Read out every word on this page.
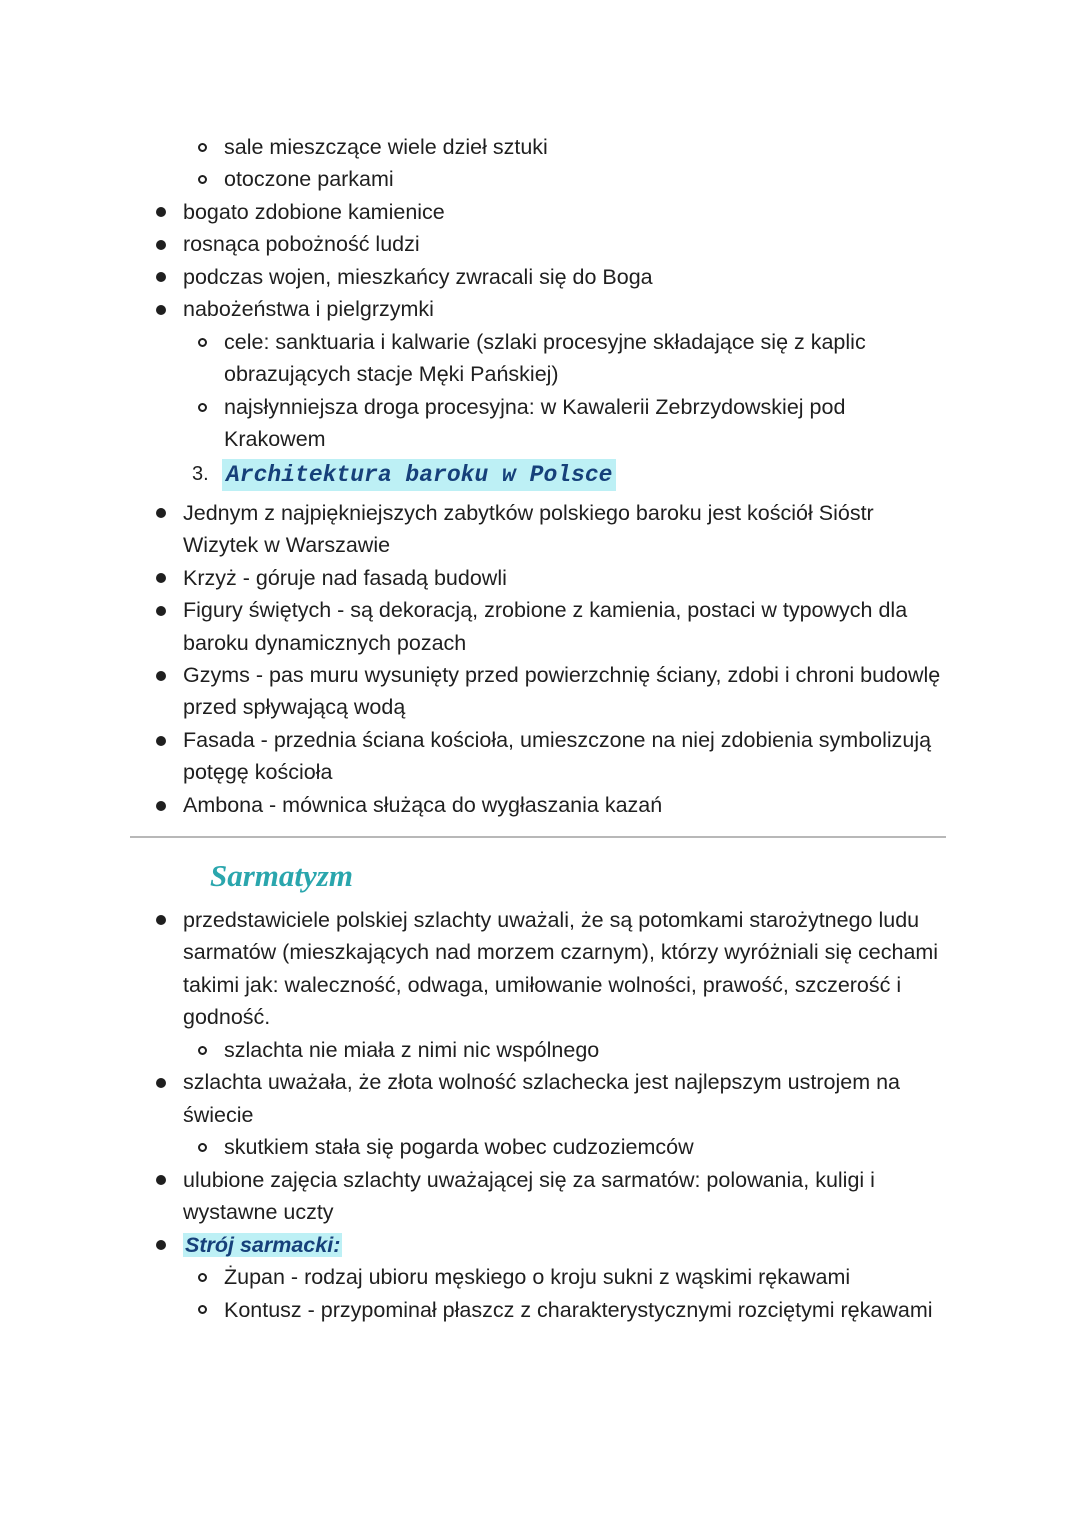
sale mieszczące wiele dzieł sztuki
otoczone parkami
bogato zdobione kamienice
rosnąca pobożność ludzi
podczas wojen, mieszkańcy zwracali się do Boga
nabożeństwa i pielgrzymki
cele: sanktuaria i kalwarie (szlaki procesyjne składające się z kaplic
obrazujących stacje Męki Pańskiej)
najsłynniejsza droga procesyjna: w Kawalerii Zebrzydowskiej pod
Krakowem
3. Architektura baroku w Polsce
Jednym z najpiękniejszych zabytków polskiego baroku jest kościół Sióstr
Wizytek w Warszawie
Krzyż - góruje nad fasadą budowli
Figury świętych - są dekoracją, zrobione z kamienia, postaci w typowych dla
baroku dynamicznych pozach
Gzyms - pas muru wysunięty przed powierzchnię ściany, zdobi i chroni budowlę
przed spływającą wodą
Fasada - przednia ściana kościoła, umieszczone na niej zdobienia symbolizują
potęgę kościoła
Ambona - mównica służąca do wygłaszania kazań
Sarmatyzm
przedstawiciele polskiej szlachty uważali, że są potomkami starożytnego ludu
sarmatów (mieszkających nad morzem czarnym), którzy wyróżniali się cechami
takimi jak: waleczność, odwaga, umiłowanie wolności, prawość, szczerość i
godność.
szlachta nie miała z nimi nic wspólnego
szlachta uważała, że złota wolność szlachecka jest najlepszym ustrojem na
świecie
skutkiem stała się pogarda wobec cudzoziemców
ulubione zajęcia szlachty uważającej się za sarmatów: polowania, kuligi i
wystawne uczty
Strój sarmacki:
Żupan - rodzaj ubioru męskiego o kroju sukni z wąskimi rękawami
Kontusz - przypominał płaszcz z charakterystycznymi rozciętymi rękawami
